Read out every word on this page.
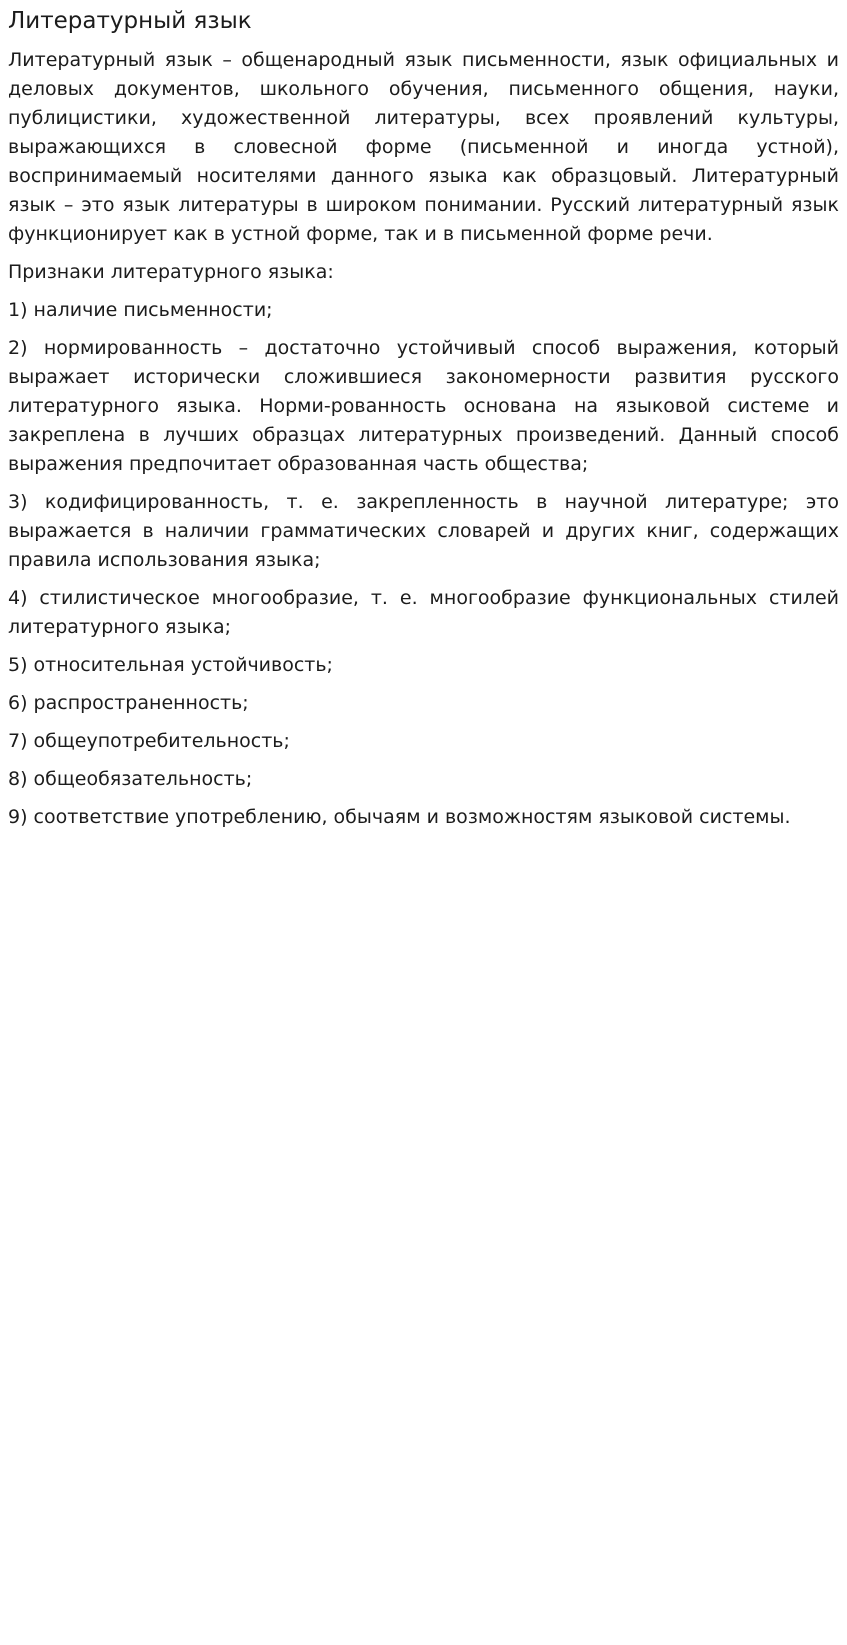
Литературный язык

Литературный язык – общенародный язык письменности, язык официальных и деловых документов, школьного обучения, письменного общения, науки, публицистики, художественной литературы, всех проявлений культуры, выражающихся в словесной форме (письменной и иногда устной), воспринимаемый носителями данного языка как образцовый. Литературный язык – это язык литературы в широком понимании. Русский литературный язык функционирует как в устной форме, так и в письменной форме речи.

Признаки литературного языка:

1) наличие письменности;

2) нормированность – достаточно устойчивый способ выражения, который выражает исторически сложившиеся закономерности развития русского литературного языка. Норми-рованность основана на языковой системе и закреплена в лучших образцах литературных произведений. Данный способ выражения предпочитает образованная часть общества;

3) кодифицированность, т. е. закрепленность в научной литературе; это выражается в наличии грамматических словарей и других книг, содержащих правила использования языка;

4) стилистическое многообразие, т. е. многообразие функциональных стилей литературного языка;

5) относительная устойчивость;

6) распространенность;

7) общеупотребительность;

8) общеобязательность;

9) соответствие употреблению, обычаям и возможностям языковой системы.
